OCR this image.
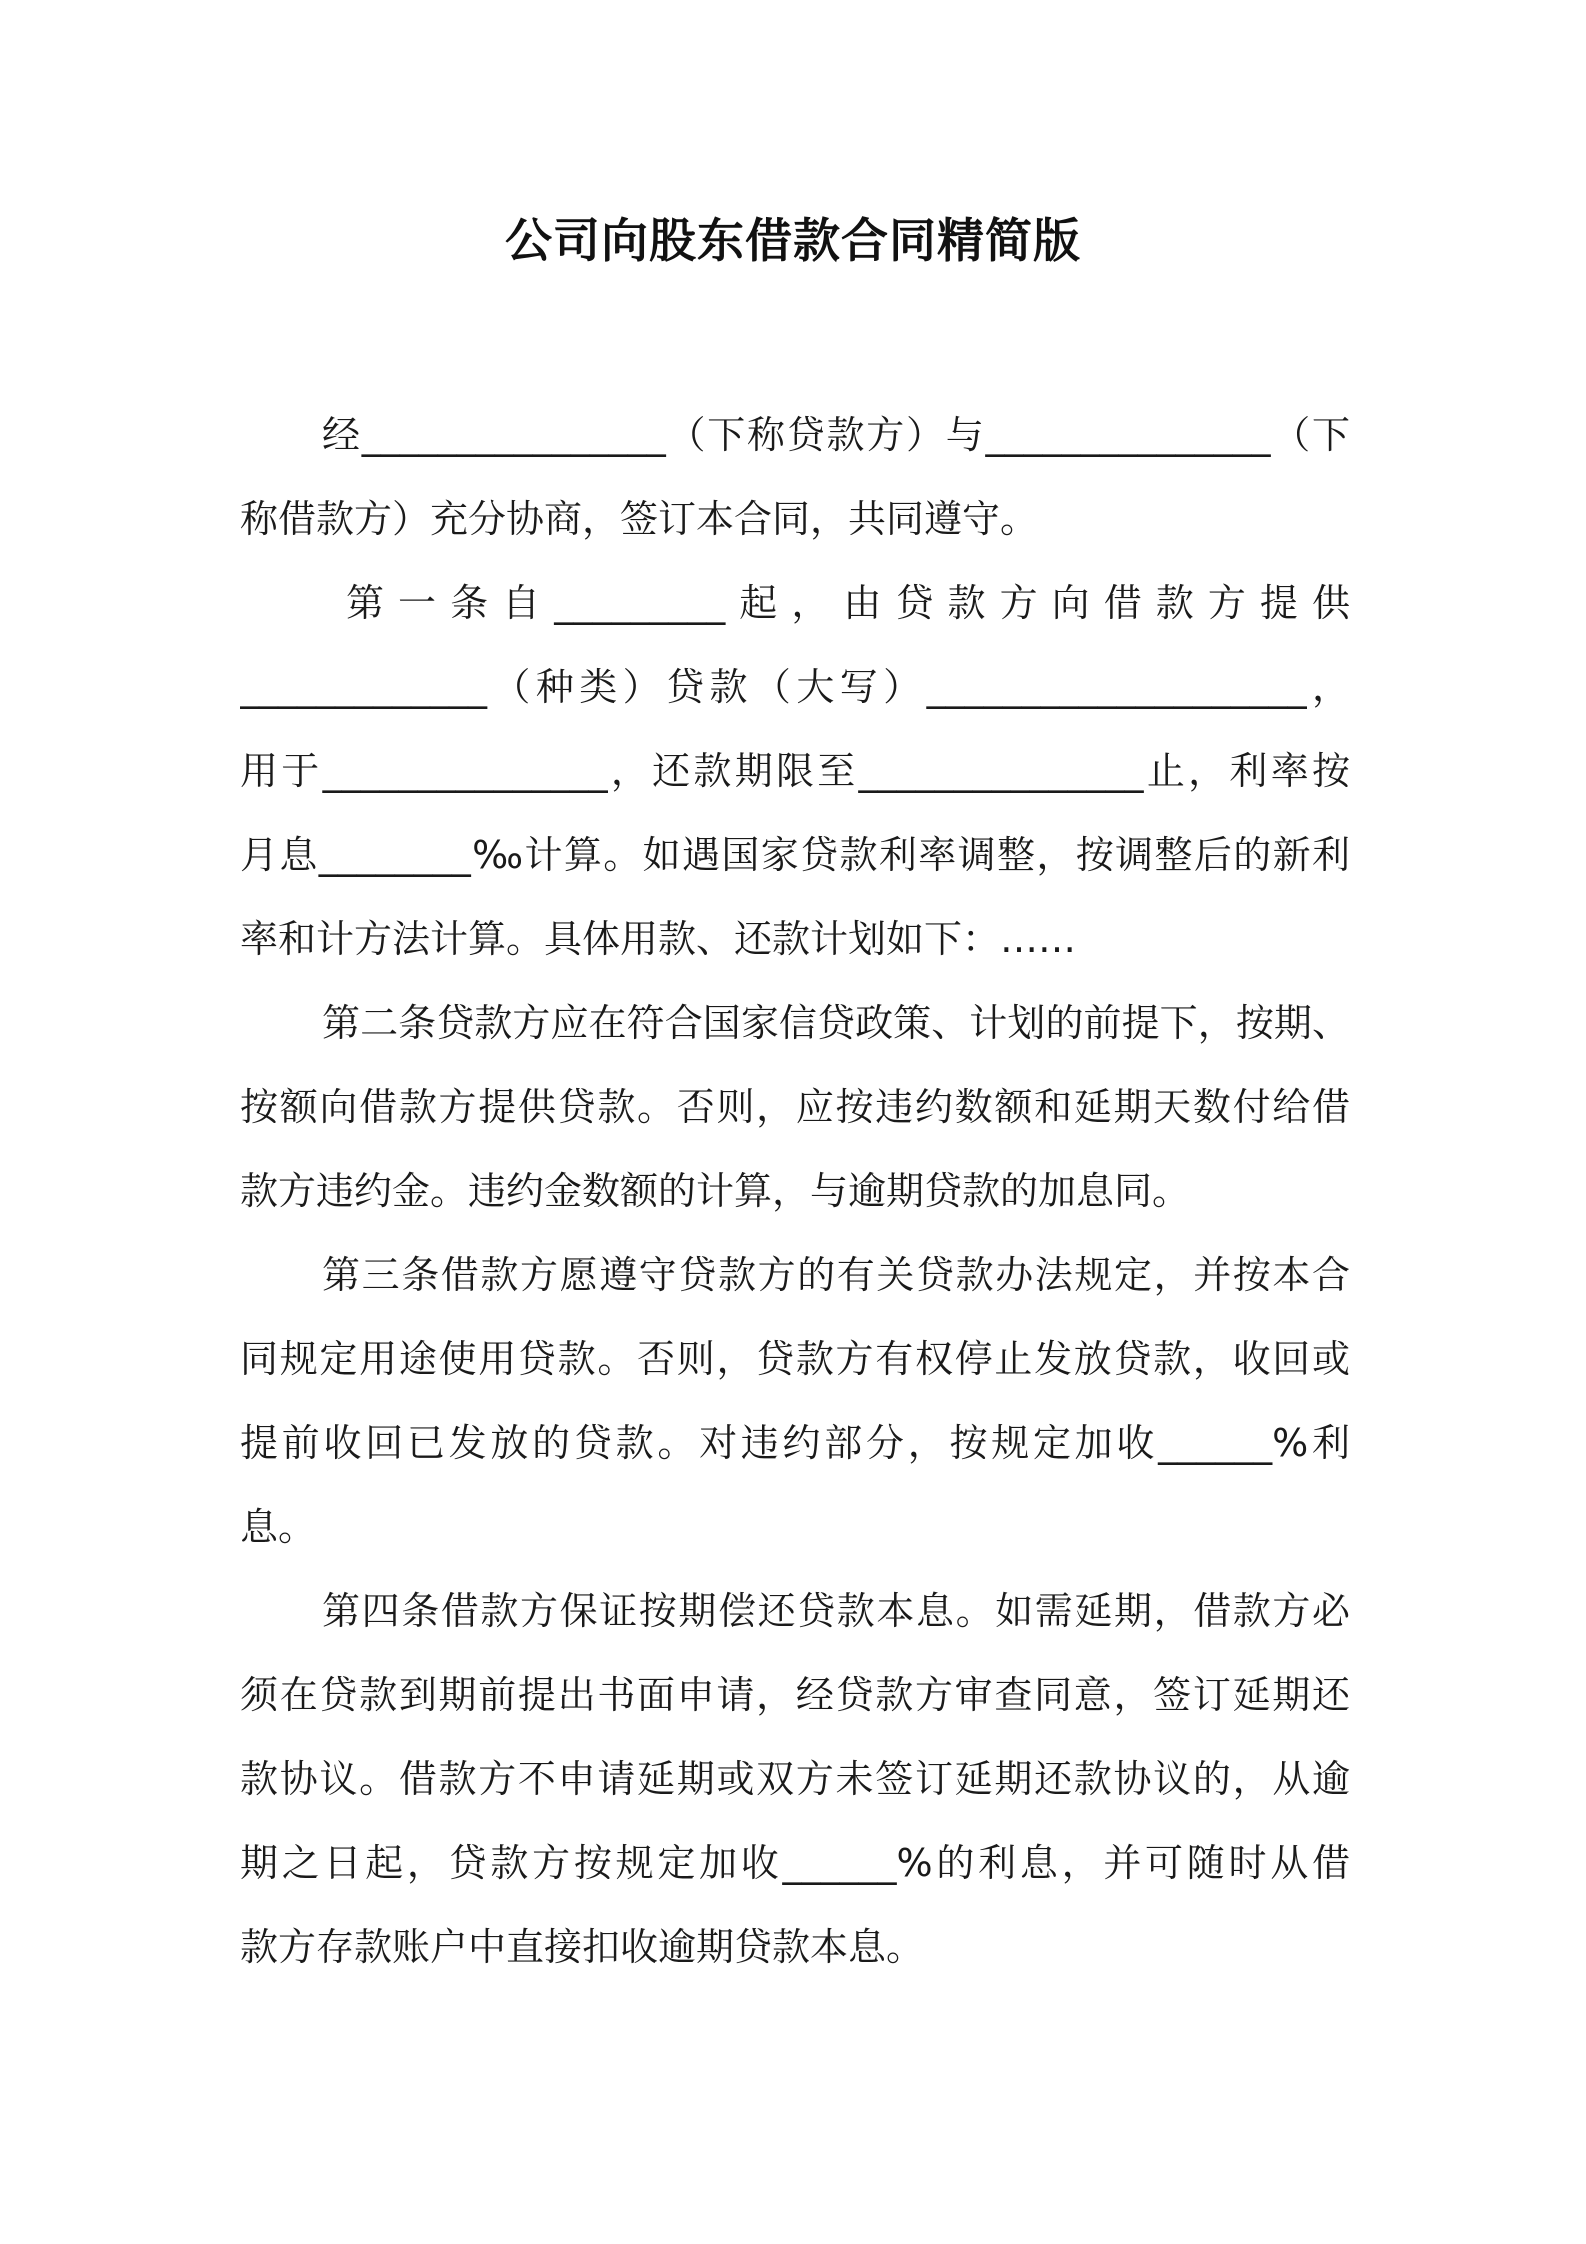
公司向股东借款合同精简版
经________________（下称贷款方）与_______________（下
称借款方）充分协商，签订本合同，共同遵守。
第一条自_________起，由贷款方向借款方提供
_____________（种类）贷款（大写）____________________，
用于_______________，还款期限至_______________止，利率按
月息________‰计算。如遇国家贷款利率调整，按调整后的新利
率和计方法计算。具体用款、还款计划如下：……
第二条贷款方应在符合国家信贷政策、计划的前提下，按期、
按额向借款方提供贷款。否则，应按违约数额和延期天数付给借
款方违约金。违约金数额的计算，与逾期贷款的加息同。
第三条借款方愿遵守贷款方的有关贷款办法规定，并按本合
同规定用途使用贷款。否则，贷款方有权停止发放贷款，收回或
提前收回已发放的贷款。对违约部分，按规定加收______%利
息。
第四条借款方保证按期偿还贷款本息。如需延期，借款方必
须在贷款到期前提出书面申请，经贷款方审查同意，签订延期还
款协议。借款方不申请延期或双方未签订延期还款协议的，从逾
期之日起，贷款方按规定加收______%的利息，并可随时从借
款方存款账户中直接扣收逾期贷款本息。
